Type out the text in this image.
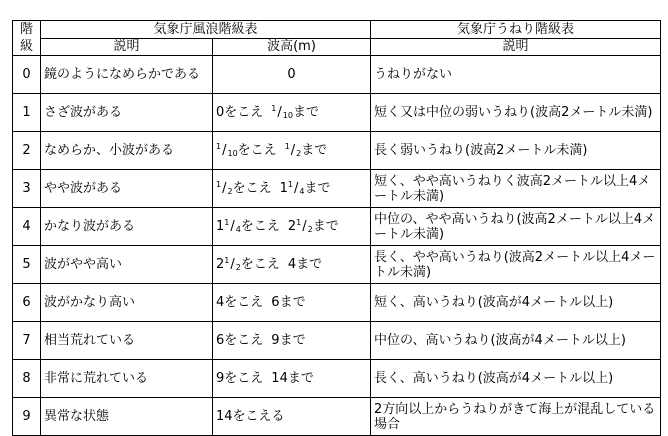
階
級	気象庁風浪階級表		気象庁うねり階級表
	説明	波高(m)	説明
0	鏡のようになめらかである	0	うねりがない
1	さざ波がある	0をこえ $^1/_{10}$まで	短く又は中位の弱いうねり(波高2メートル未満)
2	なめらか、小波がある	$^1/_{10}$をこえ $^1/_2$まで	長く弱いうねり(波高2メートル未満)
3	やや波がある	$^1/_2$をこえ $1^1/_4$まで	短く、やや高いうねりく波高2メートル以上4メートル未満)
4	かなり波がある	$1^1/_4$をこえ $2^1/_2$まで	中位の、やや高いうねり(波高2メートル以上4メートル未満)
5	波がやや高い	$2^1/_2$をこえ 4まで	長く、やや高いうねり(波高2メートル以上4メートル未満)
6	波がかなり高い	4をこえ 6まで	短く、高いうねり(波高が4メートル以上)
7	相当荒れている	6をこえ 9まで	中位の、高いうねり(波高が4メートル以上)
8	非常に荒れている	9をこえ 14まで	長く、高いうねり(波高が4メートル以上)
9	異常な状態	14をこえる	2方向以上からうねりがきて海上が混乱している場合
